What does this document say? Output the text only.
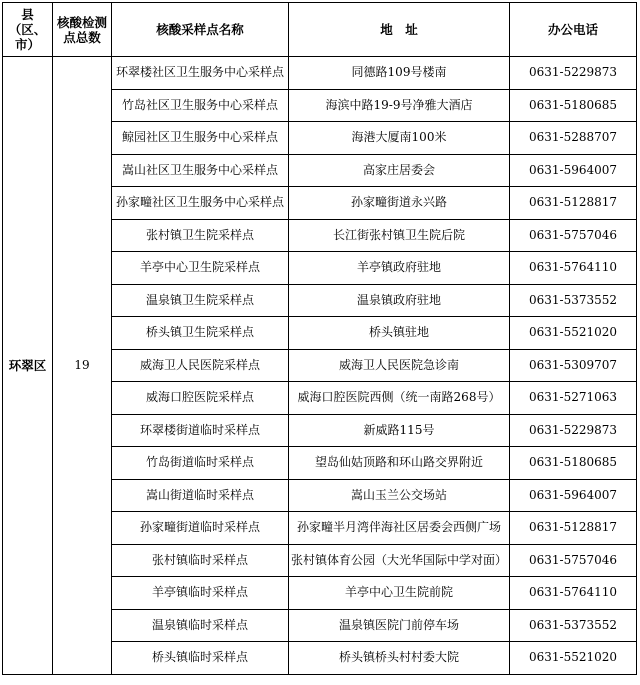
县（区、市）	核酸检测点总数	核酸采样点名称	地　址	办公电话
环翠区	19	环翠楼社区卫生服务中心采样点	同德路109号楼南	0631-5229873
		竹岛社区卫生服务中心采样点	海滨中路19-9号净雅大酒店	0631-5180685
		鲸园社区卫生服务中心采样点	海港大厦南100米	0631-5288707
		嵩山社区卫生服务中心采样点	高家庄居委会	0631-5964007
		孙家疃社区卫生服务中心采样点	孙家疃街道永兴路	0631-5128817
		张村镇卫生院采样点	长江街张村镇卫生院后院	0631-5757046
		羊亭中心卫生院采样点	羊亭镇政府驻地	0631-5764110
		温泉镇卫生院采样点	温泉镇政府驻地	0631-5373552
		桥头镇卫生院采样点	桥头镇驻地	0631-5521020
		威海卫人民医院采样点	威海卫人民医院急诊南	0631-5309707
		威海口腔医院采样点	威海口腔医院西侧（统一南路268号）	0631-5271063
		环翠楼街道临时采样点	新威路115号	0631-5229873
		竹岛街道临时采样点	望岛仙姑顶路和环山路交界附近	0631-5180685
		嵩山街道临时采样点	嵩山玉兰公交场站	0631-5964007
		孙家疃街道临时采样点	孙家疃半月湾伴海社区居委会西侧广场	0631-5128817
		张村镇临时采样点	张村镇体育公园（大光华国际中学对面）	0631-5757046
		羊亭镇临时采样点	羊亭中心卫生院前院	0631-5764110
		温泉镇临时采样点	温泉镇医院门前停车场	0631-5373552
		桥头镇临时采样点	桥头镇桥头村村委大院	0631-5521020
